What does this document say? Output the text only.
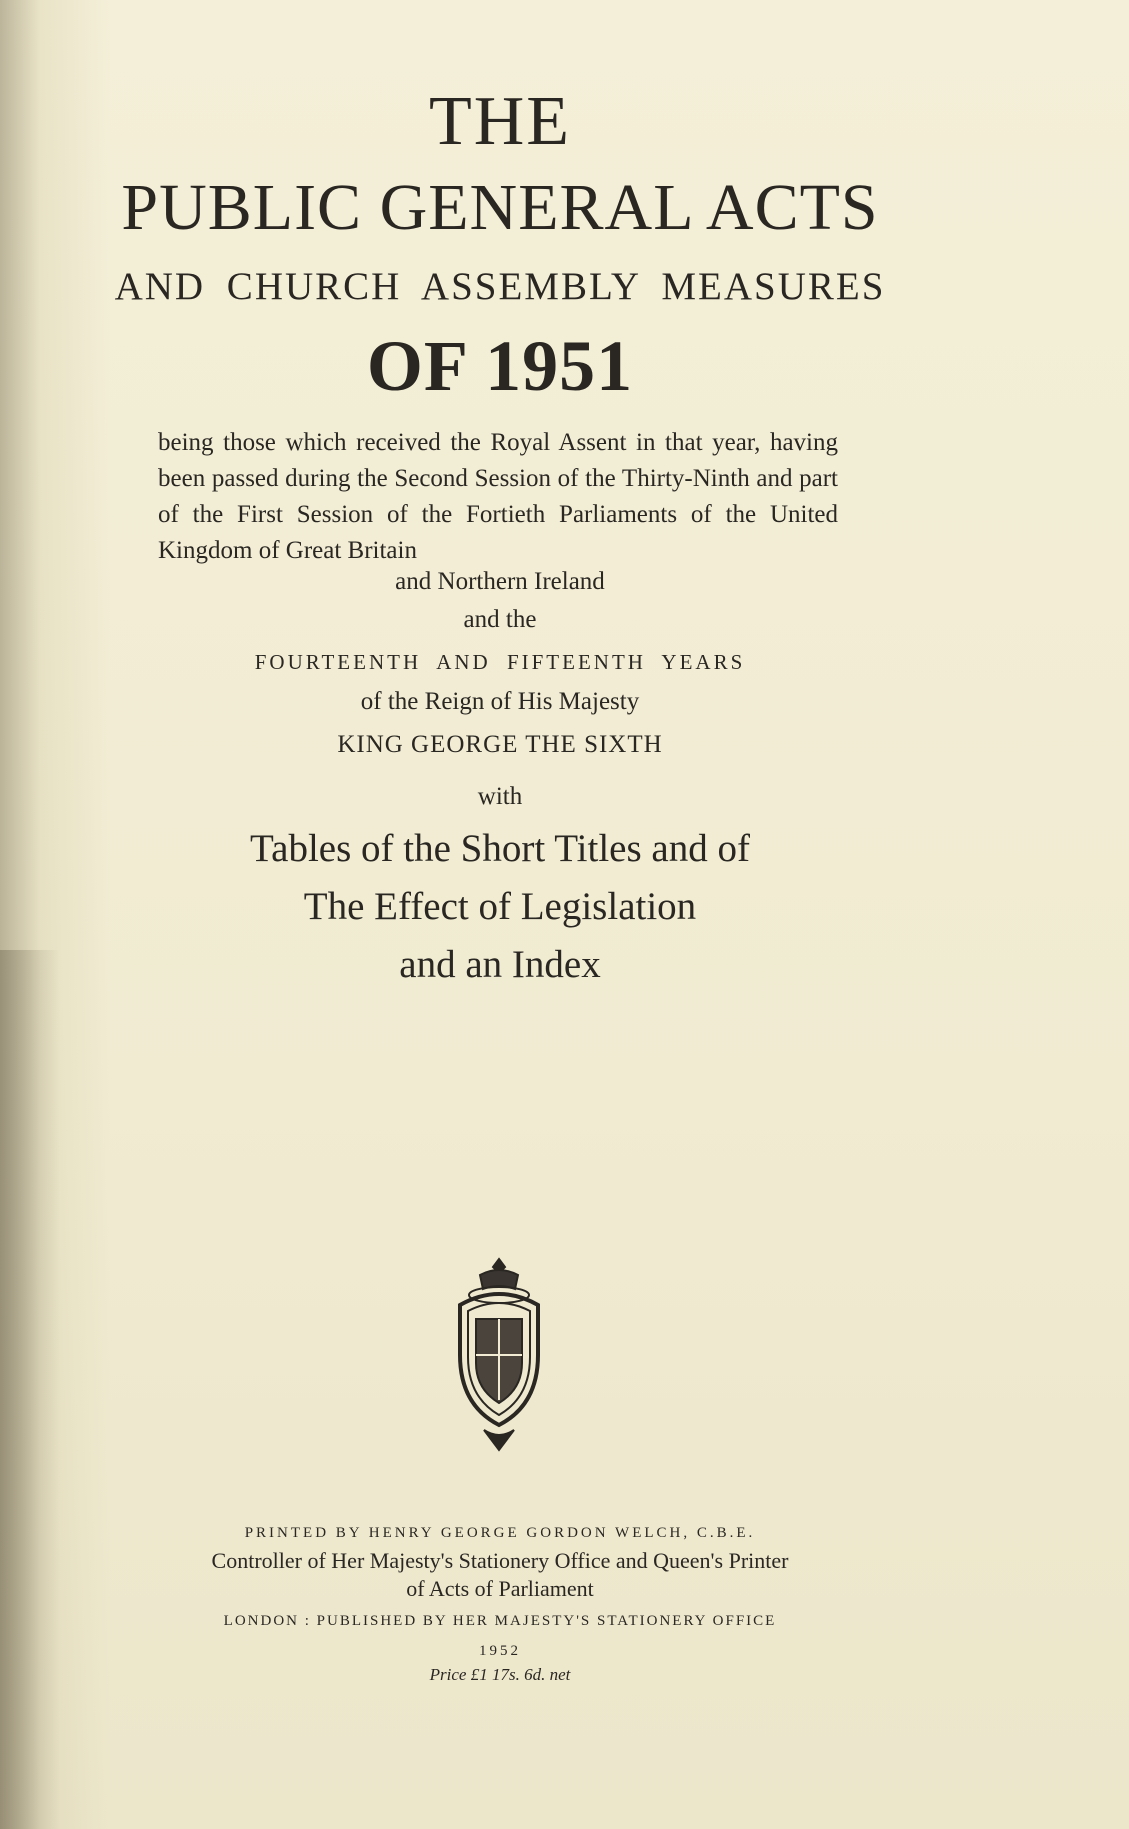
THE
PUBLIC GENERAL ACTS
AND CHURCH ASSEMBLY MEASURES
OF 1951
being those which received the Royal Assent in that year, having been passed during the Second Session of the Thirty-Ninth and part of the First Session of the Fortieth Parliaments of the United Kingdom of Great Britain
and Northern Ireland
and the
FOURTEENTH AND FIFTEENTH YEARS
of the Reign of His Majesty
KING GEORGE THE SIXTH
with
Tables of the Short Titles and of
The Effect of Legislation
and an Index
PRINTED BY HENRY GEORGE GORDON WELCH, C.B.E.
Controller of Her Majesty's Stationery Office and Queen's Printer
of Acts of Parliament
LONDON : PUBLISHED BY HER MAJESTY'S STATIONERY OFFICE
1952
Price £1 17s. 6d. net
